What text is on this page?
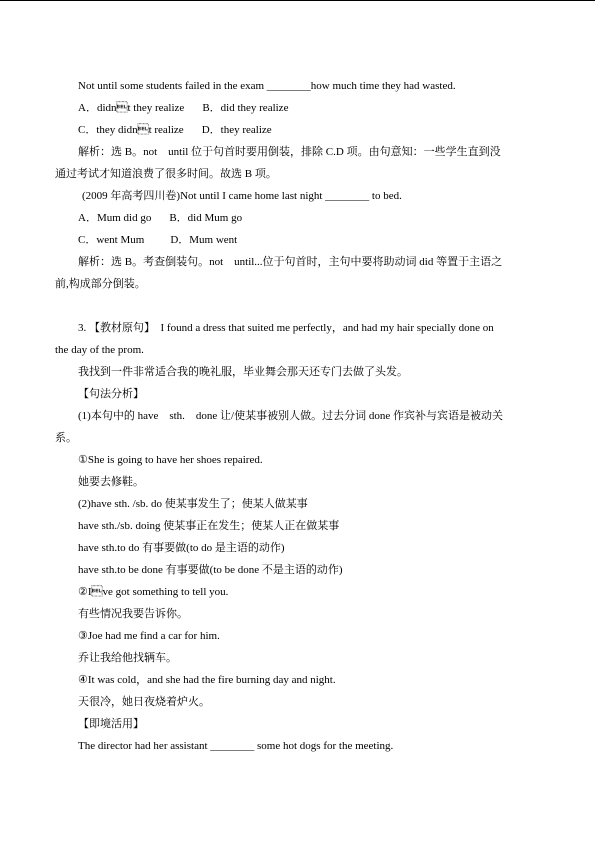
Not until some students failed in the exam ________how much time they had wasted.
A．didnt they realize B．did they realize
C．they didnt realize D．they realize
解析：选 B。not　until 位于句首时要用倒装，排除 C.D 项。由句意知：一些学生直到没
通过考试才知道浪费了很多时间。故选 B 项。
(2009 年高考四川卷)Not until I came home last night ________ to bed.
A．Mum did go B．did Mum go
C．went Mum D．Mum went
解析：选 B。考查倒装句。not　until...位于句首时，主句中要将助动词 did 等置于主语之
前,构成部分倒装。
3. 【教材原句】　I found a dress that suited me perfectly，and had my hair specially done on
the day of the prom.
我找到一件非常适合我的晚礼服，毕业舞会那天还专门去做了头发。
【句法分析】
(1)本句中的 have　sth.　done 让/使某事被别人做。过去分词 done 作宾补与宾语是被动关
系。
①She is going to have her shoes repaired.
她要去修鞋。
(2)have sth. /sb. do 使某事发生了；使某人做某事
have sth./sb. doing 使某事正在发生；使某人正在做某事
have sth.to do 有事要做(to do 是主语的动作)
have sth.to be done 有事要做(to be done 不是主语的动作)
②Ive got something to tell you.
有些情况我要告诉你。
③Joe had me find a car for him.
乔让我给他找辆车。
④It was cold，and she had the fire burning day and night.
天很冷，她日夜烧着炉火。
【即境活用】
The director had her assistant ________ some hot dogs for the meeting.
